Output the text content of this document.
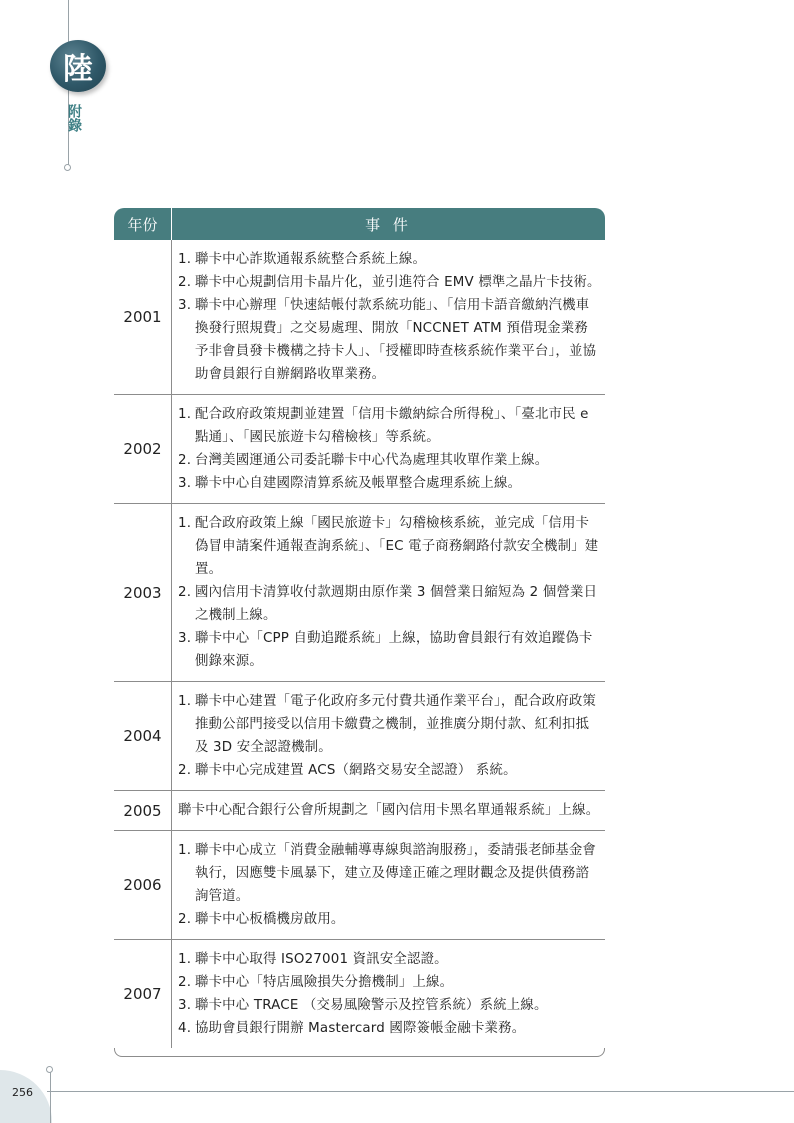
陸
附錄
年份	事 件
2001
1. 聯卡中心詐欺通報系統整合系統上線。
2. 聯卡中心規劃信用卡晶片化，並引進符合 EMV 標準之晶片卡技術。
3. 聯卡中心辦理「快速結帳付款系統功能」、「信用卡語音繳納汽機車換發行照規費」之交易處理、開放「NCCNET ATM 預借現金業務予非會員發卡機構之持卡人」、「授權即時查核系統作業平台」，並協助會員銀行自辦網路收單業務。
2002
1. 配合政府政策規劃並建置「信用卡繳納綜合所得稅」、「臺北市民 e 點通」、「國民旅遊卡勾稽檢核」等系統。
2. 台灣美國運通公司委託聯卡中心代為處理其收單作業上線。
3. 聯卡中心自建國際清算系統及帳單整合處理系統上線。
2003
1. 配合政府政策上線「國民旅遊卡」勾稽檢核系統，並完成「信用卡偽冒申請案件通報查詢系統」、「EC 電子商務網路付款安全機制」建置。
2. 國內信用卡清算收付款週期由原作業 3 個營業日縮短為 2 個營業日之機制上線。
3. 聯卡中心「CPP 自動追蹤系統」上線，協助會員銀行有效追蹤偽卡側錄來源。
2004
1. 聯卡中心建置「電子化政府多元付費共通作業平台」，配合政府政策推動公部門接受以信用卡繳費之機制，並推廣分期付款、紅利扣抵及 3D 安全認證機制。
2. 聯卡中心完成建置 ACS（網路交易安全認證） 系統。
2005	聯卡中心配合銀行公會所規劃之「國內信用卡黑名單通報系統」上線。
2006
1. 聯卡中心成立「消費金融輔導專線與諮詢服務」，委請張老師基金會執行，因應雙卡風暴下，建立及傳達正確之理財觀念及提供債務諮詢管道。
2. 聯卡中心板橋機房啟用。
2007
1. 聯卡中心取得 ISO27001 資訊安全認證。
2. 聯卡中心「特店風險損失分擔機制」上線。
3. 聯卡中心 TRACE （交易風險警示及控管系統）系統上線。
4. 協助會員銀行開辦 Mastercard 國際簽帳金融卡業務。
256
